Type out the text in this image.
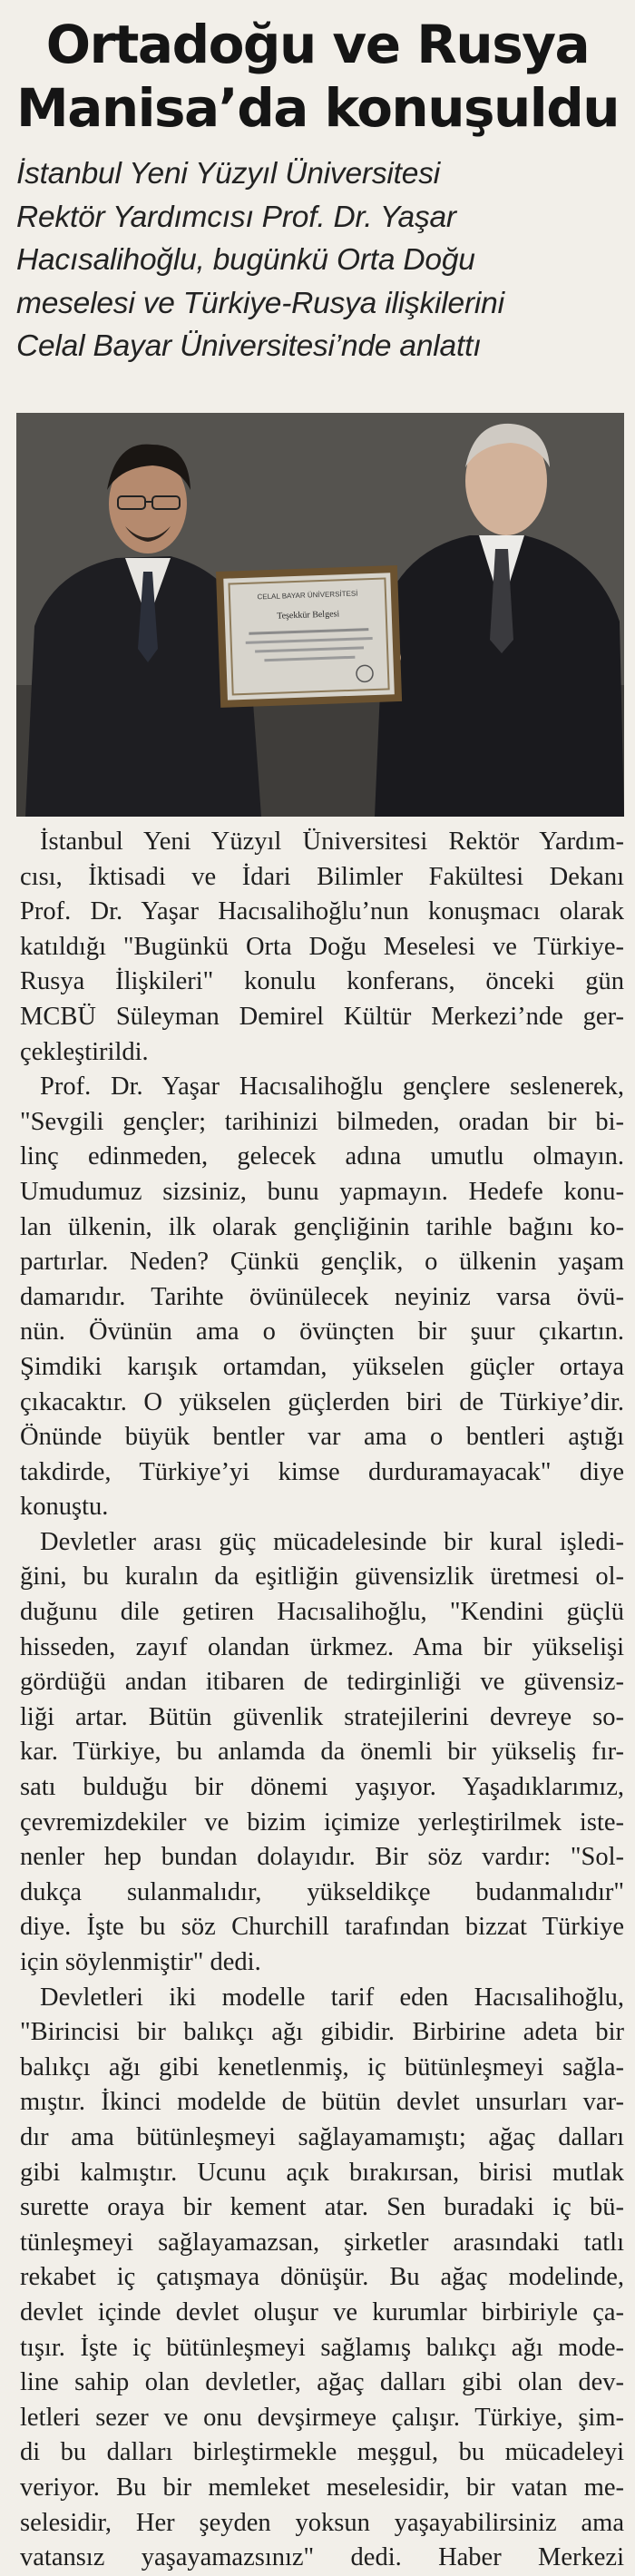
Ortadoğu ve Rusya
Manisa’da konuşuldu
İstanbul Yeni Yüzyıl Üniversitesi
Rektör Yardımcısı Prof. Dr. Yaşar
Hacısalihoğlu, bugünkü Orta Doğu
meselesi ve Türkiye-Rusya ilişkilerini
Celal Bayar Üniversitesi’nde anlattı
CELAL BAYAR ÜNİVERSİTESİ
Teşekkür Belgesi

İstanbul Yeni Yüzyıl Üniversitesi Rektör Yardım-
cısı, İktisadi ve İdari Bilimler Fakültesi Dekanı
Prof. Dr. Yaşar Hacısalihoğlu’nun konuşmacı olarak
katıldığı "Bugünkü Orta Doğu Meselesi ve Türkiye-
Rusya İlişkileri" konulu konferans, önceki gün
MCBÜ Süleyman Demirel Kültür Merkezi’nde ger-
çekleştirildi.

Prof. Dr. Yaşar Hacısalihoğlu gençlere seslenerek,
"Sevgili gençler; tarihinizi bilmeden, oradan bir bi-
linç edinmeden, gelecek adına umutlu olmayın.
Umudumuz sizsiniz, bunu yapmayın. Hedefe konu-
lan ülkenin, ilk olarak gençliğinin tarihle bağını ko-
partırlar. Neden? Çünkü gençlik, o ülkenin yaşam
damarıdır. Tarihte övünülecek neyiniz varsa övü-
nün. Övünün ama o övünçten bir şuur çıkartın.
Şimdiki karışık ortamdan, yükselen güçler ortaya
çıkacaktır. O yükselen güçlerden biri de Türkiye’dir.
Önünde büyük bentler var ama o bentleri aştığı
takdirde, Türkiye’yi kimse durduramayacak" diye
konuştu.

Devletler arası güç mücadelesinde bir kural işledi-
ğini, bu kuralın da eşitliğin güvensizlik üretmesi ol-
duğunu dile getiren Hacısalihoğlu, "Kendini güçlü
hisseden, zayıf olandan ürkmez. Ama bir yükselişi
gördüğü andan itibaren de tedirginliği ve güvensiz-
liği artar. Bütün güvenlik stratejilerini devreye so-
kar. Türkiye, bu anlamda da önemli bir yükseliş fır-
satı bulduğu bir dönemi yaşıyor. Yaşadıklarımız,
çevremizdekiler ve bizim içimize yerleştirilmek iste-
nenler hep bundan dolayıdır. Bir söz vardır: "Sol-
dukça sulanmalıdır, yükseldikçe budanmalıdır"
diye. İşte bu söz Churchill tarafından bizzat Türkiye
için söylenmiştir" dedi.

Devletleri iki modelle tarif eden Hacısalihoğlu,
"Birincisi bir balıkçı ağı gibidir. Birbirine adeta bir
balıkçı ağı gibi kenetlenmiş, iç bütünleşmeyi sağla-
mıştır. İkinci modelde de bütün devlet unsurları var-
dır ama bütünleşmeyi sağlayamamıştı; ağaç dalları
gibi kalmıştır. Ucunu açık bırakırsan, birisi mutlak
surette oraya bir kement atar. Sen buradaki iç bü-
tünleşmeyi sağlayamazsan, şirketler arasındaki tatlı
rekabet iç çatışmaya dönüşür. Bu ağaç modelinde,
devlet içinde devlet oluşur ve kurumlar birbiriyle ça-
tışır. İşte iç bütünleşmeyi sağlamış balıkçı ağı mode-
line sahip olan devletler, ağaç dalları gibi olan dev-
letleri sezer ve onu devşirmeye çalışır. Türkiye, şim-
di bu dalları birleştirmekle meşgul, bu mücadeleyi
veriyor. Bu bir memleket meselesidir, bir vatan me-
selesidir, Her şeyden yoksun yaşayabilirsiniz ama
vatansız yaşayamazsınız" dedi. Haber Merkezi
